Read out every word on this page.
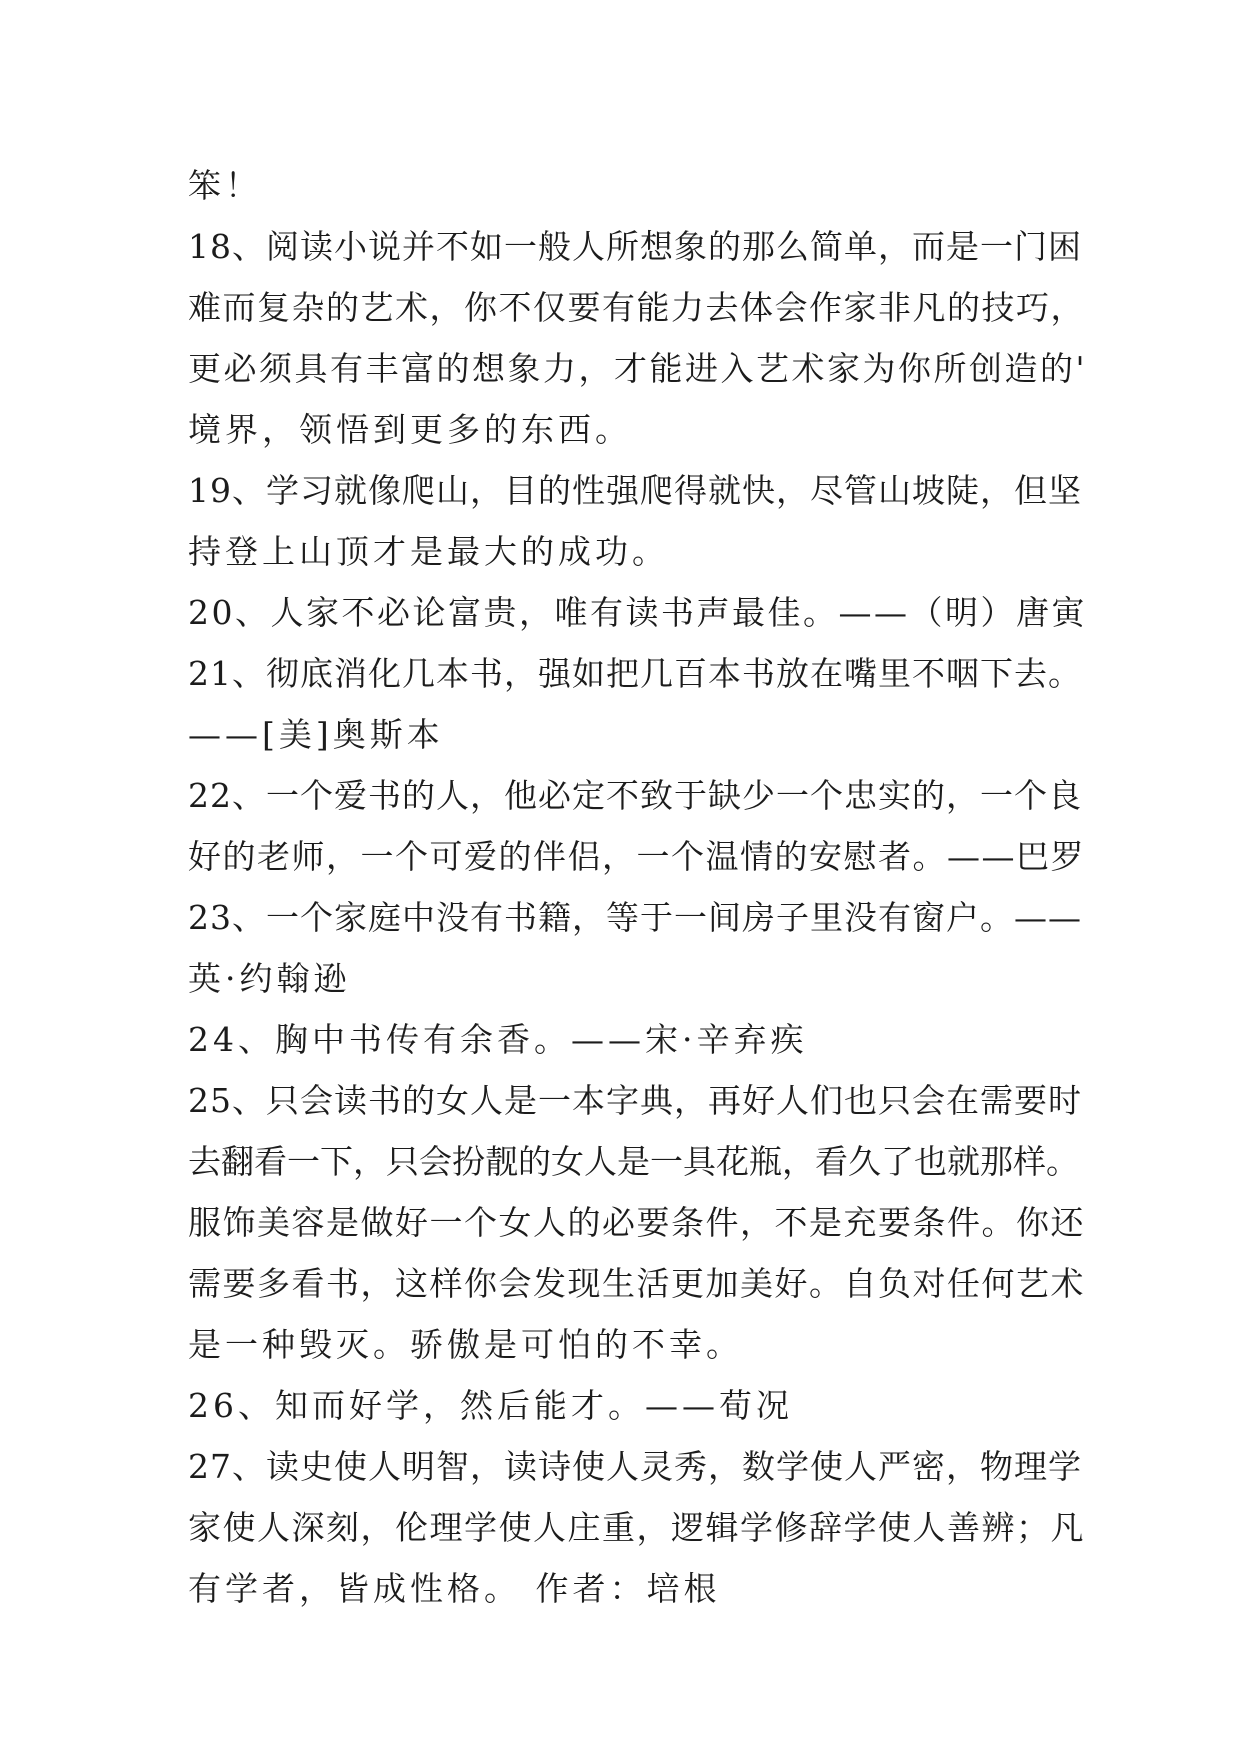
笨！
18、阅读小说并不如一般人所想象的那么简单，而是一门困
难而复杂的艺术，你不仅要有能力去体会作家非凡的技巧，
更必须具有丰富的想象力，才能进入艺术家为你所创造的'
境界，领悟到更多的东西。
19、学习就像爬山，目的性强爬得就快，尽管山坡陡，但坚
持登上山顶才是最大的成功。
20、人家不必论富贵，唯有读书声最佳。——（明）唐寅
21、彻底消化几本书，强如把几百本书放在嘴里不咽下去。
——[美]奥斯本
22、一个爱书的人，他必定不致于缺少一个忠实的，一个良
好的老师，一个可爱的伴侣，一个温情的安慰者。——巴罗
23、一个家庭中没有书籍，等于一间房子里没有窗户。——
英·约翰逊
24、胸中书传有余香。——宋·辛弃疾
25、只会读书的女人是一本字典，再好人们也只会在需要时
去翻看一下，只会扮靓的女人是一具花瓶，看久了也就那样。
服饰美容是做好一个女人的必要条件，不是充要条件。你还
需要多看书，这样你会发现生活更加美好。自负对任何艺术
是一种毁灭。骄傲是可怕的不幸。
26、知而好学，然后能才。——荀况
27、读史使人明智，读诗使人灵秀，数学使人严密，物理学
家使人深刻，伦理学使人庄重，逻辑学修辞学使人善辨；凡
有学者，皆成性格。 作者：培根
